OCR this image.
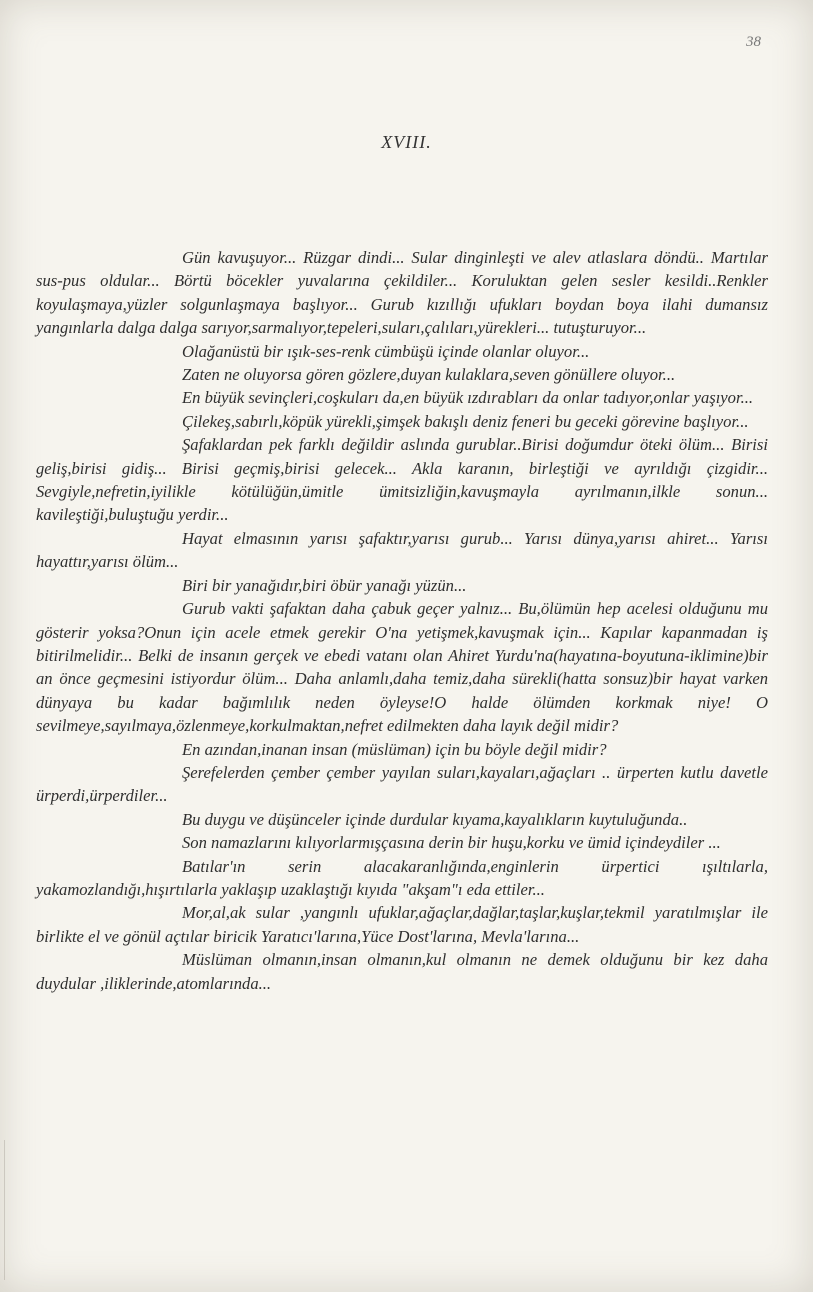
38
XVIII.

Gün kavuşuyor... Rüzgar dindi... Sular dinginleşti ve alev atlaslara döndü.. Martılar sus-pus oldular... Börtü böcekler yuvalarına çekildiler... Koruluktan gelen sesler kesildi..Renkler koyulaşmaya,yüzler solgunlaşmaya başlıyor... Gurub kızıllığı ufukları boydan boya ilahi dumansız yangınlarla dalga dalga sarıyor,sarmalıyor,tepeleri,suları,çalıları,yürekleri... tutuşturuyor...

Olağanüstü bir ışık-ses-renk cümbüşü içinde olanlar oluyor...

Zaten ne oluyorsa gören gözlere,duyan kulaklara,seven gönüllere oluyor...

En büyük sevinçleri,coşkuları da,en büyük ızdırabları da onlar tadıyor,onlar yaşıyor...

Çilekeş,sabırlı,köpük yürekli,şimşek bakışlı deniz feneri bu geceki görevine başlıyor...

Şafaklardan pek farklı değildir aslında gurublar..Birisi doğumdur öteki ölüm... Birisi geliş,birisi gidiş... Birisi geçmiş,birisi gelecek... Akla karanın, birleştiği ve ayrıldığı çizgidir... Sevgiyle,nefretin,iyilikle kötülüğün,ümitle ümitsizliğin,kavuşmayla ayrılmanın,ilkle sonun... kavileştiği,buluştuğu yerdir...

Hayat elmasının yarısı şafaktır,yarısı gurub... Yarısı dünya,yarısı ahiret... Yarısı hayattır,yarısı ölüm...

Biri bir yanağıdır,biri öbür yanağı yüzün...

Gurub vakti şafaktan daha çabuk geçer yalnız... Bu,ölümün hep acelesi olduğunu mu gösterir yoksa?Onun için acele etmek gerekir O'na yetişmek,kavuşmak için... Kapılar kapanmadan iş bitirilmelidir... Belki de insanın gerçek ve ebedi vatanı olan Ahiret Yurdu'na(hayatına-boyutuna-iklimine)bir an önce geçmesini istiyordur ölüm... Daha anlamlı,daha temiz,daha sürekli(hatta sonsuz)bir hayat varken dünyaya bu kadar bağımlılık neden öyleyse!O halde ölümden korkmak niye! O sevilmeye,sayılmaya,özlenmeye,korkulmaktan,nefret edilmekten daha layık değil midir?

En azından,inanan insan (müslüman) için bu böyle değil midir?

Şerefelerden çember çember yayılan suları,kayaları,ağaçları .. ürperten kutlu davetle ürperdi,ürperdiler...

Bu duygu ve düşünceler içinde durdular kıyama,kayalıkların kuytuluğunda..

Son namazlarını kılıyorlarmışçasına derin bir huşu,korku ve ümid içindeydiler ...

Batılar'ın serin alacakaranlığında,enginlerin ürpertici ışıltılarla, yakamozlandığı,hışırtılarla yaklaşıp uzaklaştığı kıyıda "akşam"ı eda ettiler...

Mor,al,ak sular ,yangınlı ufuklar,ağaçlar,dağlar,taşlar,kuşlar,tekmil yaratılmışlar ile birlikte el ve gönül açtılar biricik Yaratıcı'larına,Yüce Dost'larına, Mevla'larına...

Müslüman olmanın,insan olmanın,kul olmanın ne demek olduğunu bir kez daha duydular ,iliklerinde,atomlarında...
